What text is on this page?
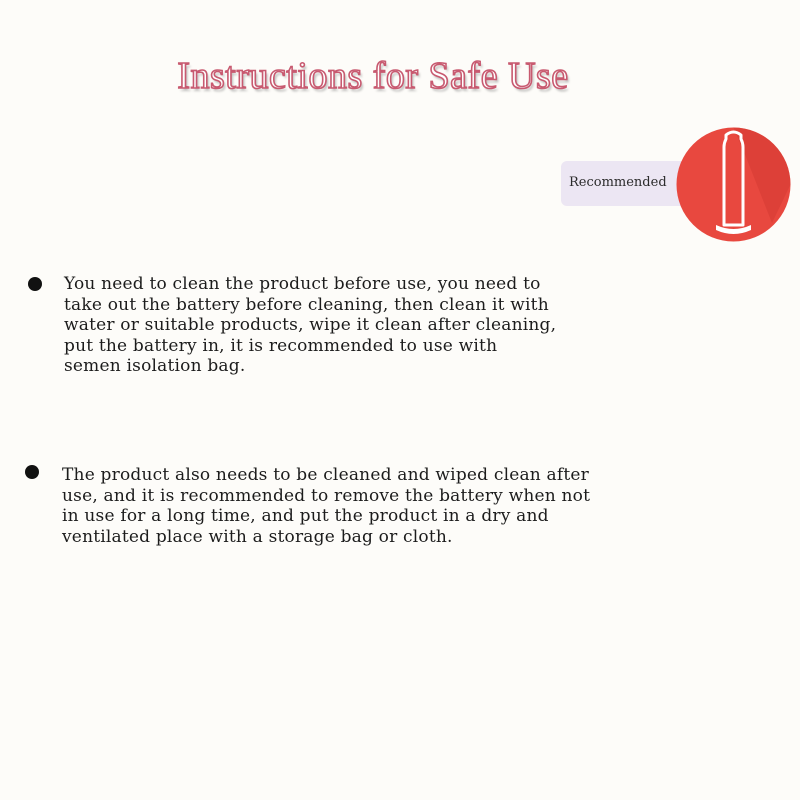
Instructions for Safe Use
Recommended
You need to clean the product before use, you need to
take out the battery before cleaning, then clean it with
water or suitable products, wipe it clean after cleaning,
put the battery in, it is recommended to use with
semen isolation bag.
The product also needs to be cleaned and wiped clean after
use, and it is recommended to remove the battery when not
in use for a long time, and put the product in a dry and
ventilated place with a storage bag or cloth.
